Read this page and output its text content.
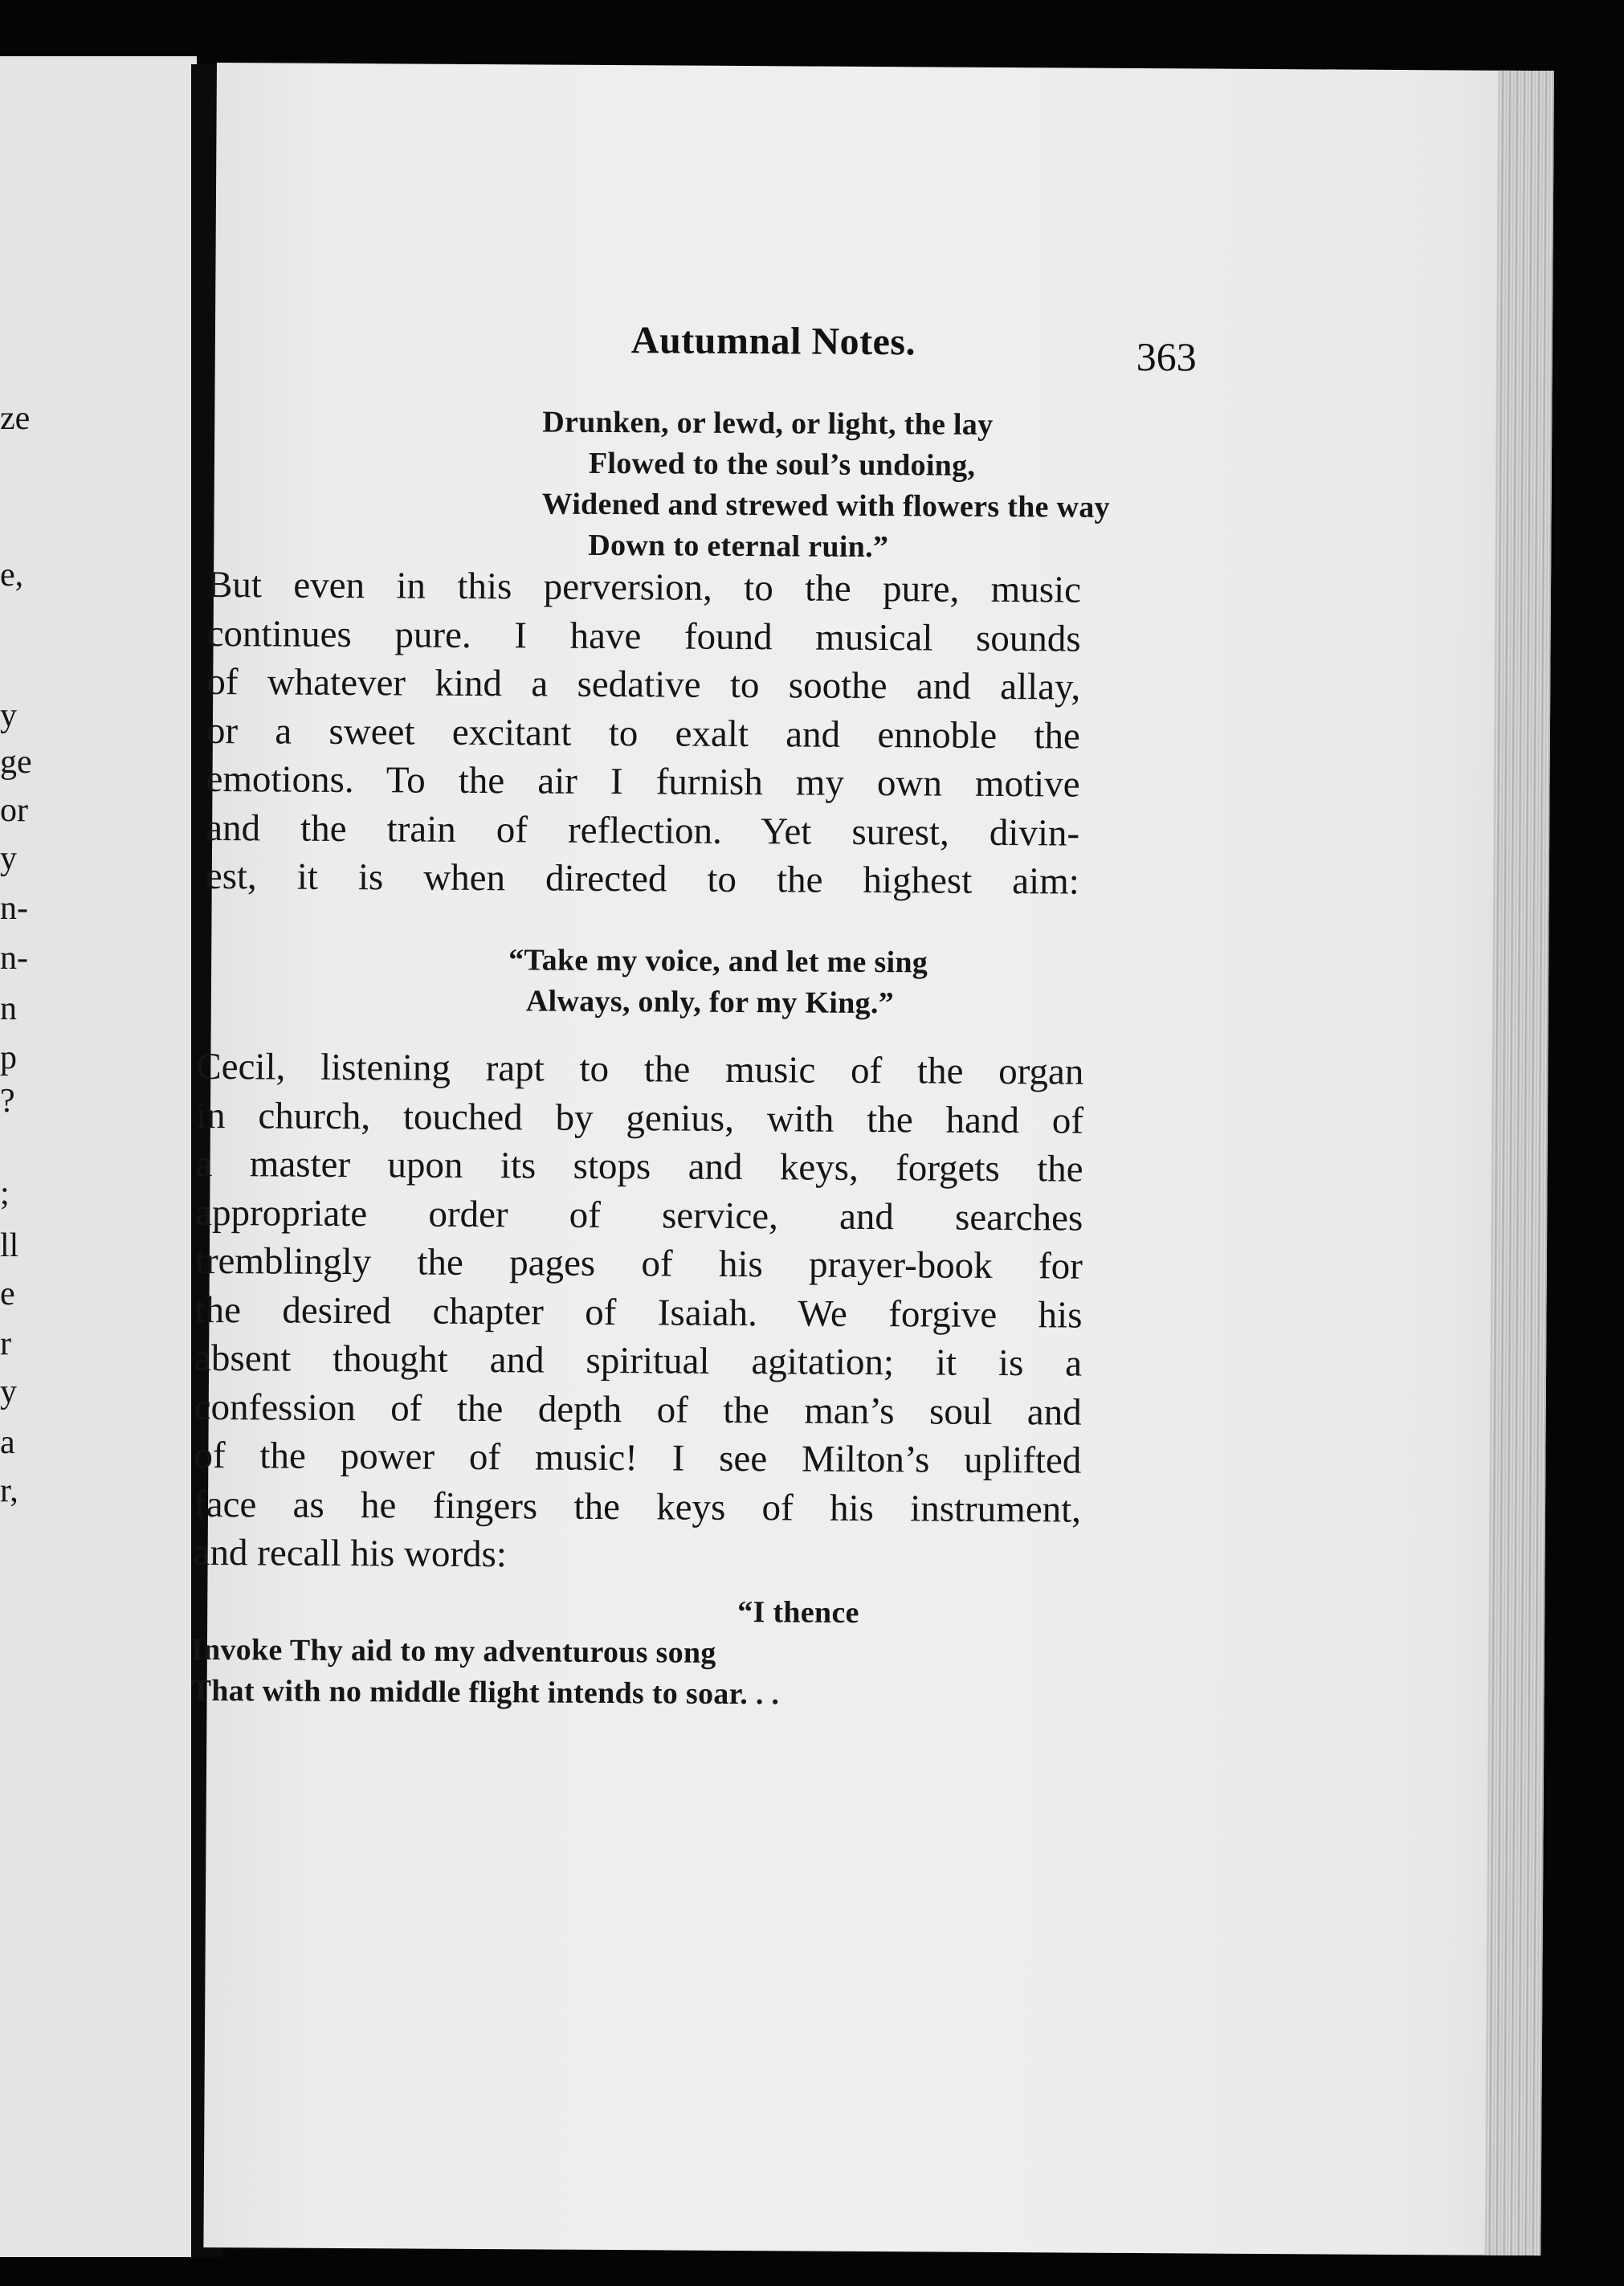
ze
e,
y
ge
or
y
n-
n-
n
p
?
;
ll
e
r
y
a
r,
Autumnal Notes.	363
Drunken, or lewd, or light, the lay
Flowed to the soul’s undoing,
Widened and strewed with flowers the way
Down to eternal ruin.”
But even in this perversion, to the pure, music
continues pure. I have found musical sounds
of whatever kind a sedative to soothe and allay,
or a sweet excitant to exalt and ennoble the
emotions. To the air I furnish my own motive
and the train of reflection. Yet surest, divin-
est, it is when directed to the highest aim:
“Take my voice, and let me sing
Always, only, for my King.”
Cecil, listening rapt to the music of the organ
in church, touched by genius, with the hand of
a master upon its stops and keys, forgets the
appropriate order of service, and searches
tremblingly the pages of his prayer-book for
the desired chapter of Isaiah. We forgive his
absent thought and spiritual agitation; it is a
confession of the depth of the man’s soul and
of the power of music! I see Milton’s uplifted
face as he fingers the keys of his instrument,
and recall his words:
“I thence
Invoke Thy aid to my adventurous song
That with no middle flight intends to soar. . .
